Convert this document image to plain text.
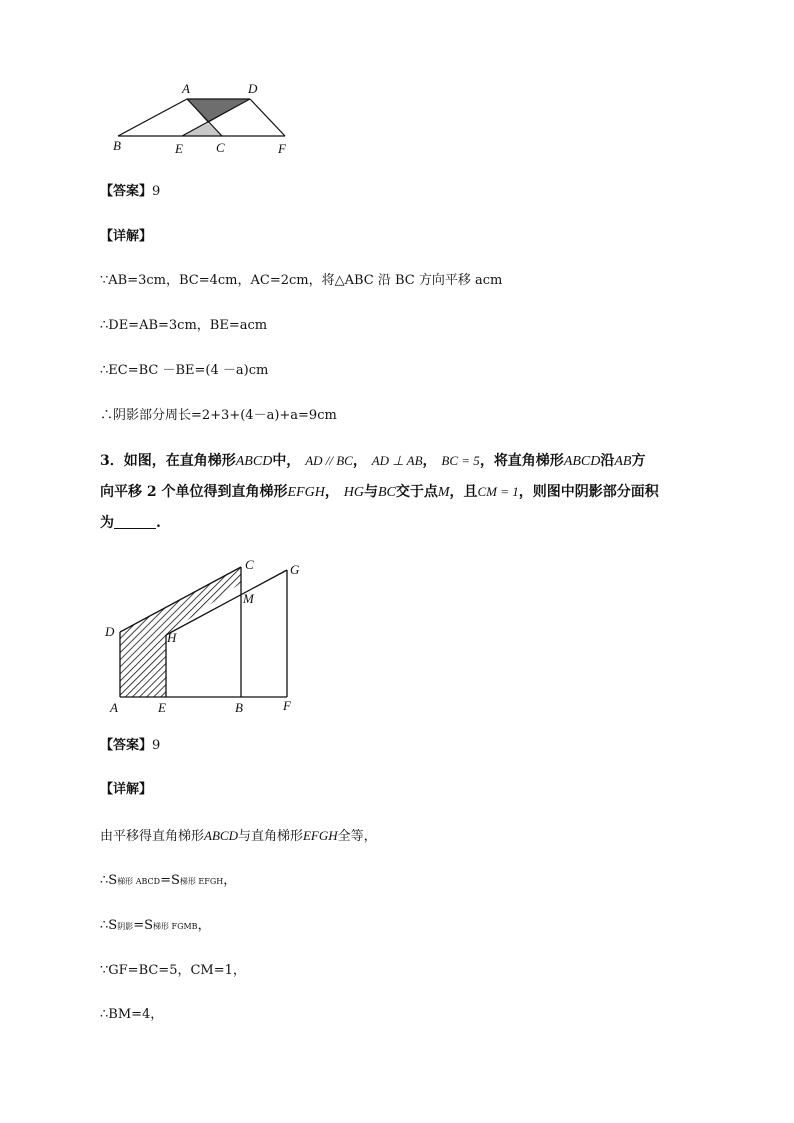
A	D
B	E	C	F
【答案】9
【详解】
∵AB=3cm，BC=4cm，AC=2cm，将△ABC 沿 BC 方向平移 acm
∴DE=AB=3cm，BE=acm
∴EC=BC －BE=(4 －a)cm
∴阴影部分周长=2+3+(4－a)+a=9cm
3．如图，在直角梯形ABCD中， AD // BC， AD ⊥ AB， BC = 5，将直角梯形ABCD沿AB方
向平移 2 个单位得到直角梯形EFGH， HG与BC交于点M，且CM = 1，则图中阴影部分面积
为	.
C	G
M
D	H
A	E	B	F
【答案】9
【详解】
由平移得直角梯形ABCD与直角梯形EFGH全等，
∴S梯形 ABCD=S梯形 EFGH，
∴S阴影=S梯形 FGMB，
∵GF=BC=5，CM=1，
∴BM=4，
